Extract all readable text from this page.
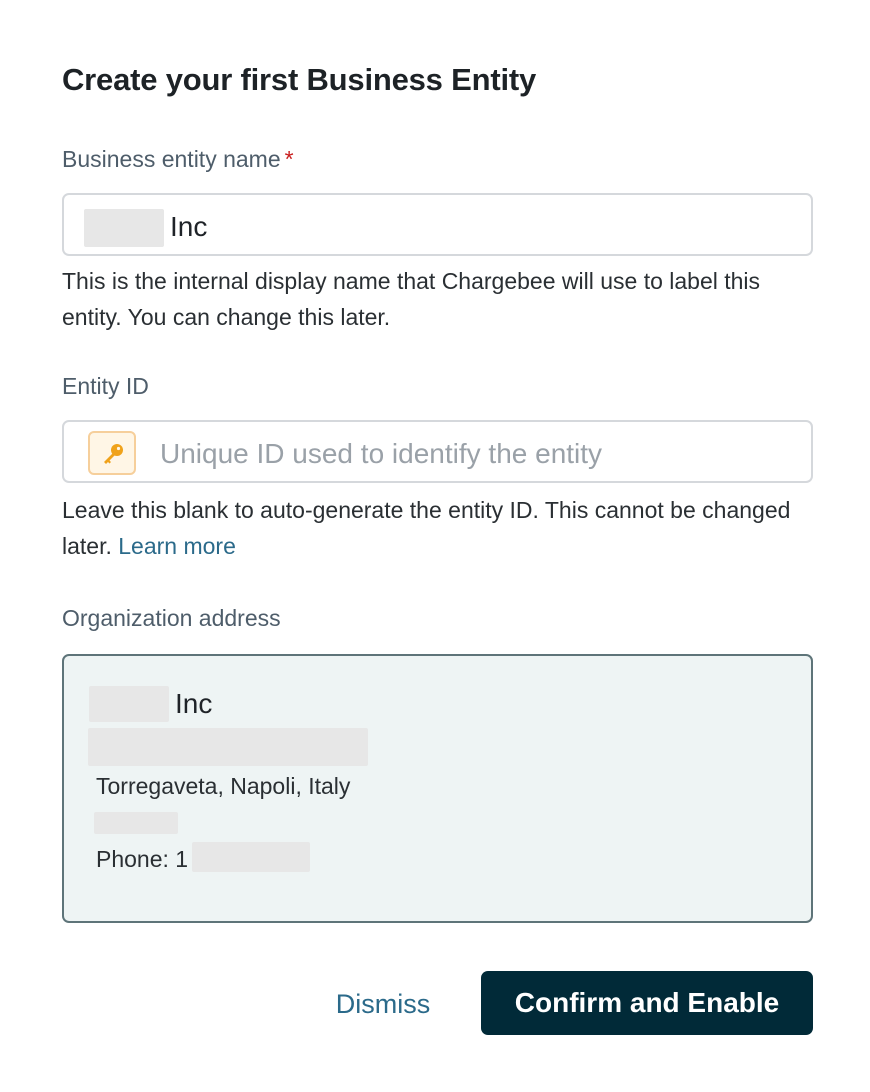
Create your first Business Entity
Business entity name *
Inc

This is the internal display name that Chargebee will use to label this entity. You can change this later.

Entity ID
Unique ID used to identify the entity

Leave this blank to auto-generate the entity ID. This cannot be changed later. Learn more

Organization address
Inc
Torregaveta, Napoli, Italy
Phone: 1
Dismiss	Confirm and Enable
